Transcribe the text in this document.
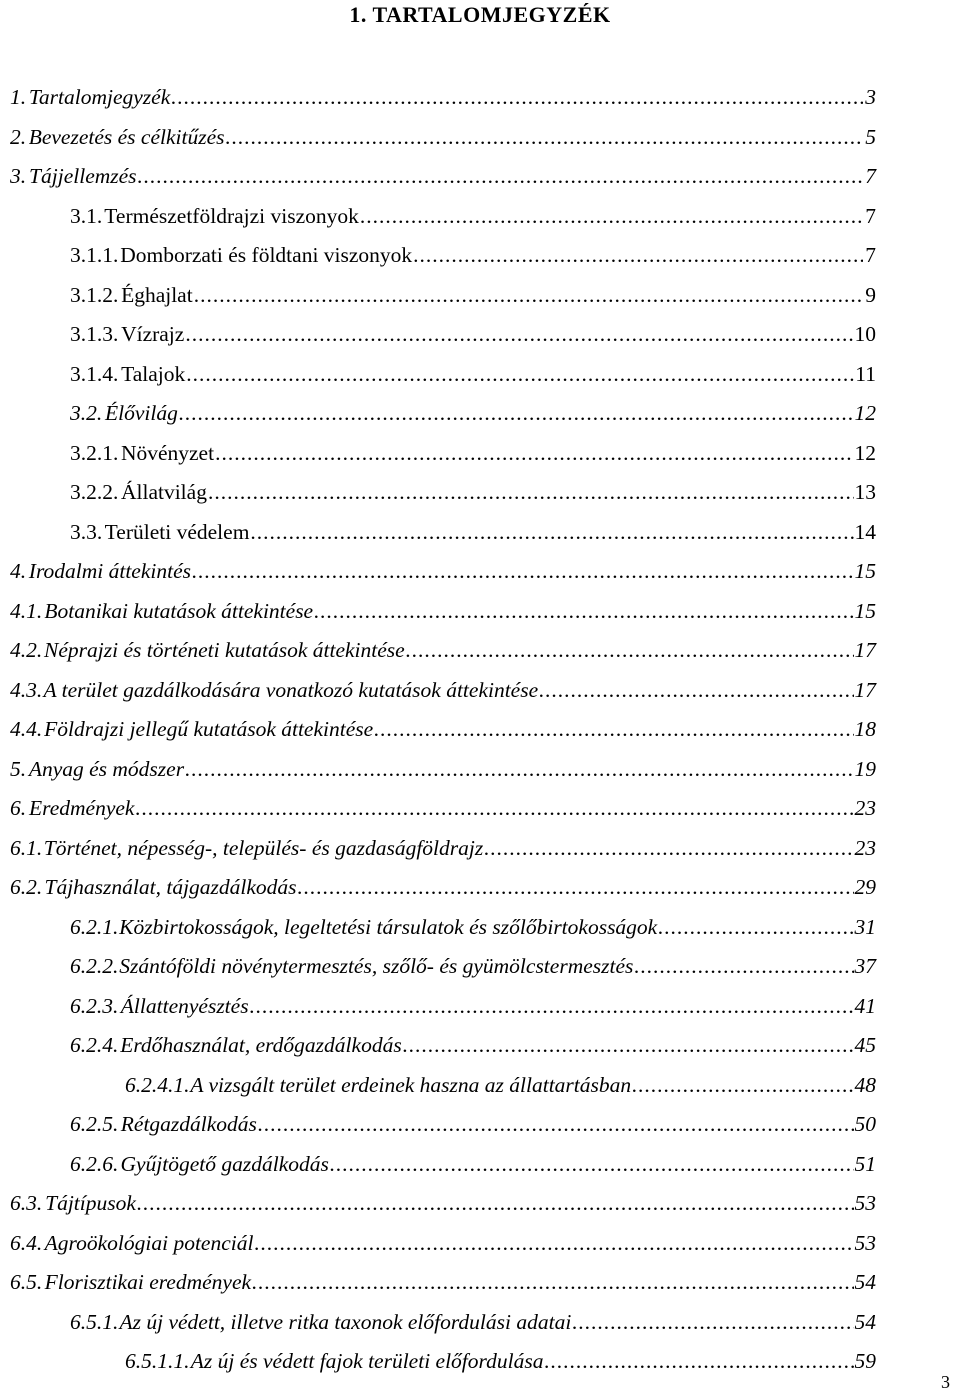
1. TARTALOMJEGYZÉK
1. Tartalomjegyzék .....	3
2. Bevezetés és célkitűzés .....	5
3. Tájjellemzés .....	7
3.1. Természetföldrajzi viszonyok .....	7
3.1.1. Domborzati és földtani viszonyok .....	7
3.1.2. Éghajlat .....	9
3.1.3. Vízrajz .....	10
3.1.4. Talajok .....	11
3.2. Élővilág .....	12
3.2.1. Növényzet .....	12
3.2.2. Állatvilág .....	13
3.3. Területi védelem .....	14
4. Irodalmi áttekintés .....	15
4.1. Botanikai kutatások áttekintése .....	15
4.2. Néprajzi és történeti kutatások áttekintése .....	17
4.3. A terület gazdálkodására vonatkozó kutatások áttekintése .....	17
4.4. Földrajzi jellegű kutatások áttekintése .....	18
5. Anyag és módszer .....	19
6. Eredmények .....	23
6.1. Történet, népesség-, település- és gazdaságföldrajz .....	23
6.2. Tájhasználat, tájgazdálkodás .....	29
6.2.1. Közbirtokosságok, legeltetési társulatok és szőlőbirtokosságok .....	31
6.2.2. Szántóföldi növénytermesztés, szőlő- és gyümölcstermesztés .....	37
6.2.3. Állattenyésztés .....	41
6.2.4. Erdőhasználat, erdőgazdálkodás .....	45
6.2.4.1. A vizsgált terület erdeinek haszna az állattartásban .....	48
6.2.5. Rétgazdálkodás .....	50
6.2.6. Gyűjtögető gazdálkodás .....	51
6.3. Tájtípusok .....	53
6.4. Agroökológiai potenciál .....	53
6.5. Florisztikai eredmények .....	54
6.5.1. Az új védett, illetve ritka taxonok előfordulási adatai .....	54
6.5.1.1. Az új és védett fajok területi előfordulása .....	59
3
